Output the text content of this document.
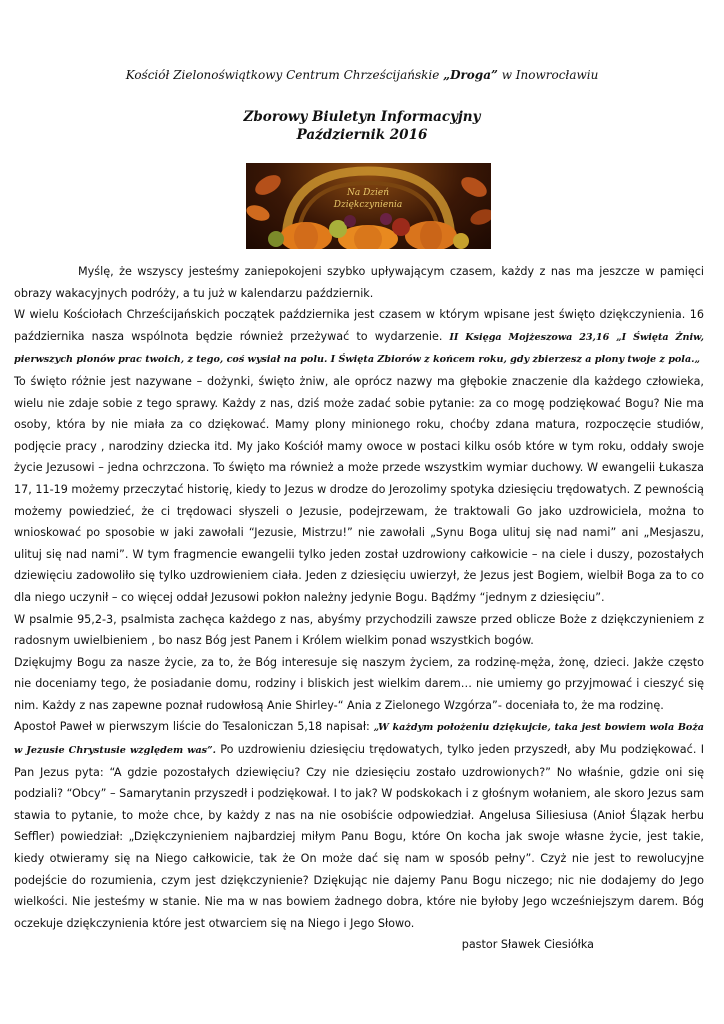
Kościół Zielonoświątkowy Centrum Chrześcijańskie „Droga” w Inowrocławiu
Zborowy Biuletyn Informacyjny
Październik 2016
Na Dzień
Dziękczynienia

Myślę, że wszyscy jesteśmy zaniepokojeni szybko upływającym czasem, każdy z nas ma jeszcze w pamięci obrazy wakacyjnych podróży, a tu już w kalendarzu październik.

W wielu Kościołach Chrześcijańskich początek października jest czasem w którym wpisane jest święto dziękczynienia. 16 października nasza wspólnota będzie również przeżywać to wydarzenie. II Księga Mojżeszowa 23,16 „I Święta Żniw, pierwszych plonów prac twoich, z tego, coś wysiał na polu. I Święta Zbiorów z końcem roku, gdy zbierzesz a plony twoje z pola.„

To święto różnie jest nazywane – dożynki, święto żniw, ale oprócz nazwy ma głębokie znaczenie dla każdego człowieka, wielu nie zdaje sobie z tego sprawy. Każdy z nas, dziś może zadać sobie pytanie: za co mogę podziękować Bogu? Nie ma osoby, która by nie miała za co dziękować. Mamy plony minionego roku, choćby zdana matura, rozpoczęcie studiów, podjęcie pracy , narodziny dziecka itd. My jako Kościół mamy owoce w postaci kilku osób które w tym roku, oddały swoje życie Jezusowi – jedna ochrzczona. To święto ma również a może przede wszystkim wymiar duchowy. W ewangelii Łukasza 17, 11-19 możemy przeczytać historię, kiedy to Jezus w drodze do Jerozolimy spotyka dziesięciu trędowatych. Z pewnością możemy powiedzieć, że ci trędowaci słyszeli o Jezusie, podejrzewam, że traktowali Go jako uzdrowiciela, można to wnioskować po sposobie w jaki zawołali “Jezusie, Mistrzu!” nie zawołali „Synu Boga ulituj się nad nami” ani „Mesjaszu, ulituj się nad nami”. W tym fragmencie ewangelii tylko jeden został uzdrowiony całkowicie – na ciele i duszy, pozostałych dziewięciu zadowoliło się tylko uzdrowieniem ciała. Jeden z dziesięciu uwierzył, że Jezus jest Bogiem, wielbił Boga za to co dla niego uczynił – co więcej oddał Jezusowi pokłon należny jedynie Bogu. Bądźmy “jednym z dziesięciu”.

W psalmie 95,2-3, psalmista zachęca każdego z nas, abyśmy przychodzili zawsze przed oblicze Boże z dziękczynieniem z radosnym uwielbieniem , bo nasz Bóg jest Panem i Królem wielkim ponad wszystkich bogów.

Dziękujmy Bogu za nasze życie, za to, że Bóg interesuje się naszym życiem, za rodzinę-męża, żonę, dzieci. Jakże często nie doceniamy tego, że posiadanie domu, rodziny i bliskich jest wielkim darem… nie umiemy go przyjmować i cieszyć się nim. Każdy z nas zapewne poznał rudowłosą Anie Shirley-“ Ania z Zielonego Wzgórza”- doceniała to, że ma rodzinę.

Apostoł Paweł w pierwszym liście do Tesaloniczan 5,18 napisał: „W każdym położeniu dziękujcie, taka jest bowiem wola Boża w Jezusie Chrystusie względem was”. Po uzdrowieniu dziesięciu trędowatych, tylko jeden przyszedł, aby Mu podziękować. I Pan Jezus pyta: “A gdzie pozostałych dziewięciu? Czy nie dziesięciu zostało uzdrowionych?” No właśnie, gdzie oni się podziali? “Obcy” – Samarytanin przyszedł i podziękował. I to jak? W podskokach i z głośnym wołaniem, ale skoro Jezus sam stawia to pytanie, to może chce, by każdy z nas na nie osobiście odpowiedział. Angelusa Siliesiusa (Anioł Ślązak herbu Seffler) powiedział: „Dziękczynieniem najbardziej miłym Panu Bogu, które On kocha jak swoje własne życie, jest takie, kiedy otwieramy się na Niego całkowicie, tak że On może dać się nam w sposób pełny”. Czyż nie jest to rewolucyjne podejście do rozumienia, czym jest dziękczynienie? Dziękując nie dajemy Panu Bogu niczego; nic nie dodajemy do Jego wielkości. Nie jesteśmy w stanie. Nie ma w nas bowiem żadnego dobra, które nie byłoby Jego wcześniejszym darem. Bóg oczekuje dziękczynienia które jest otwarciem się na Niego i Jego Słowo.

pastor Sławek Ciesiółka
